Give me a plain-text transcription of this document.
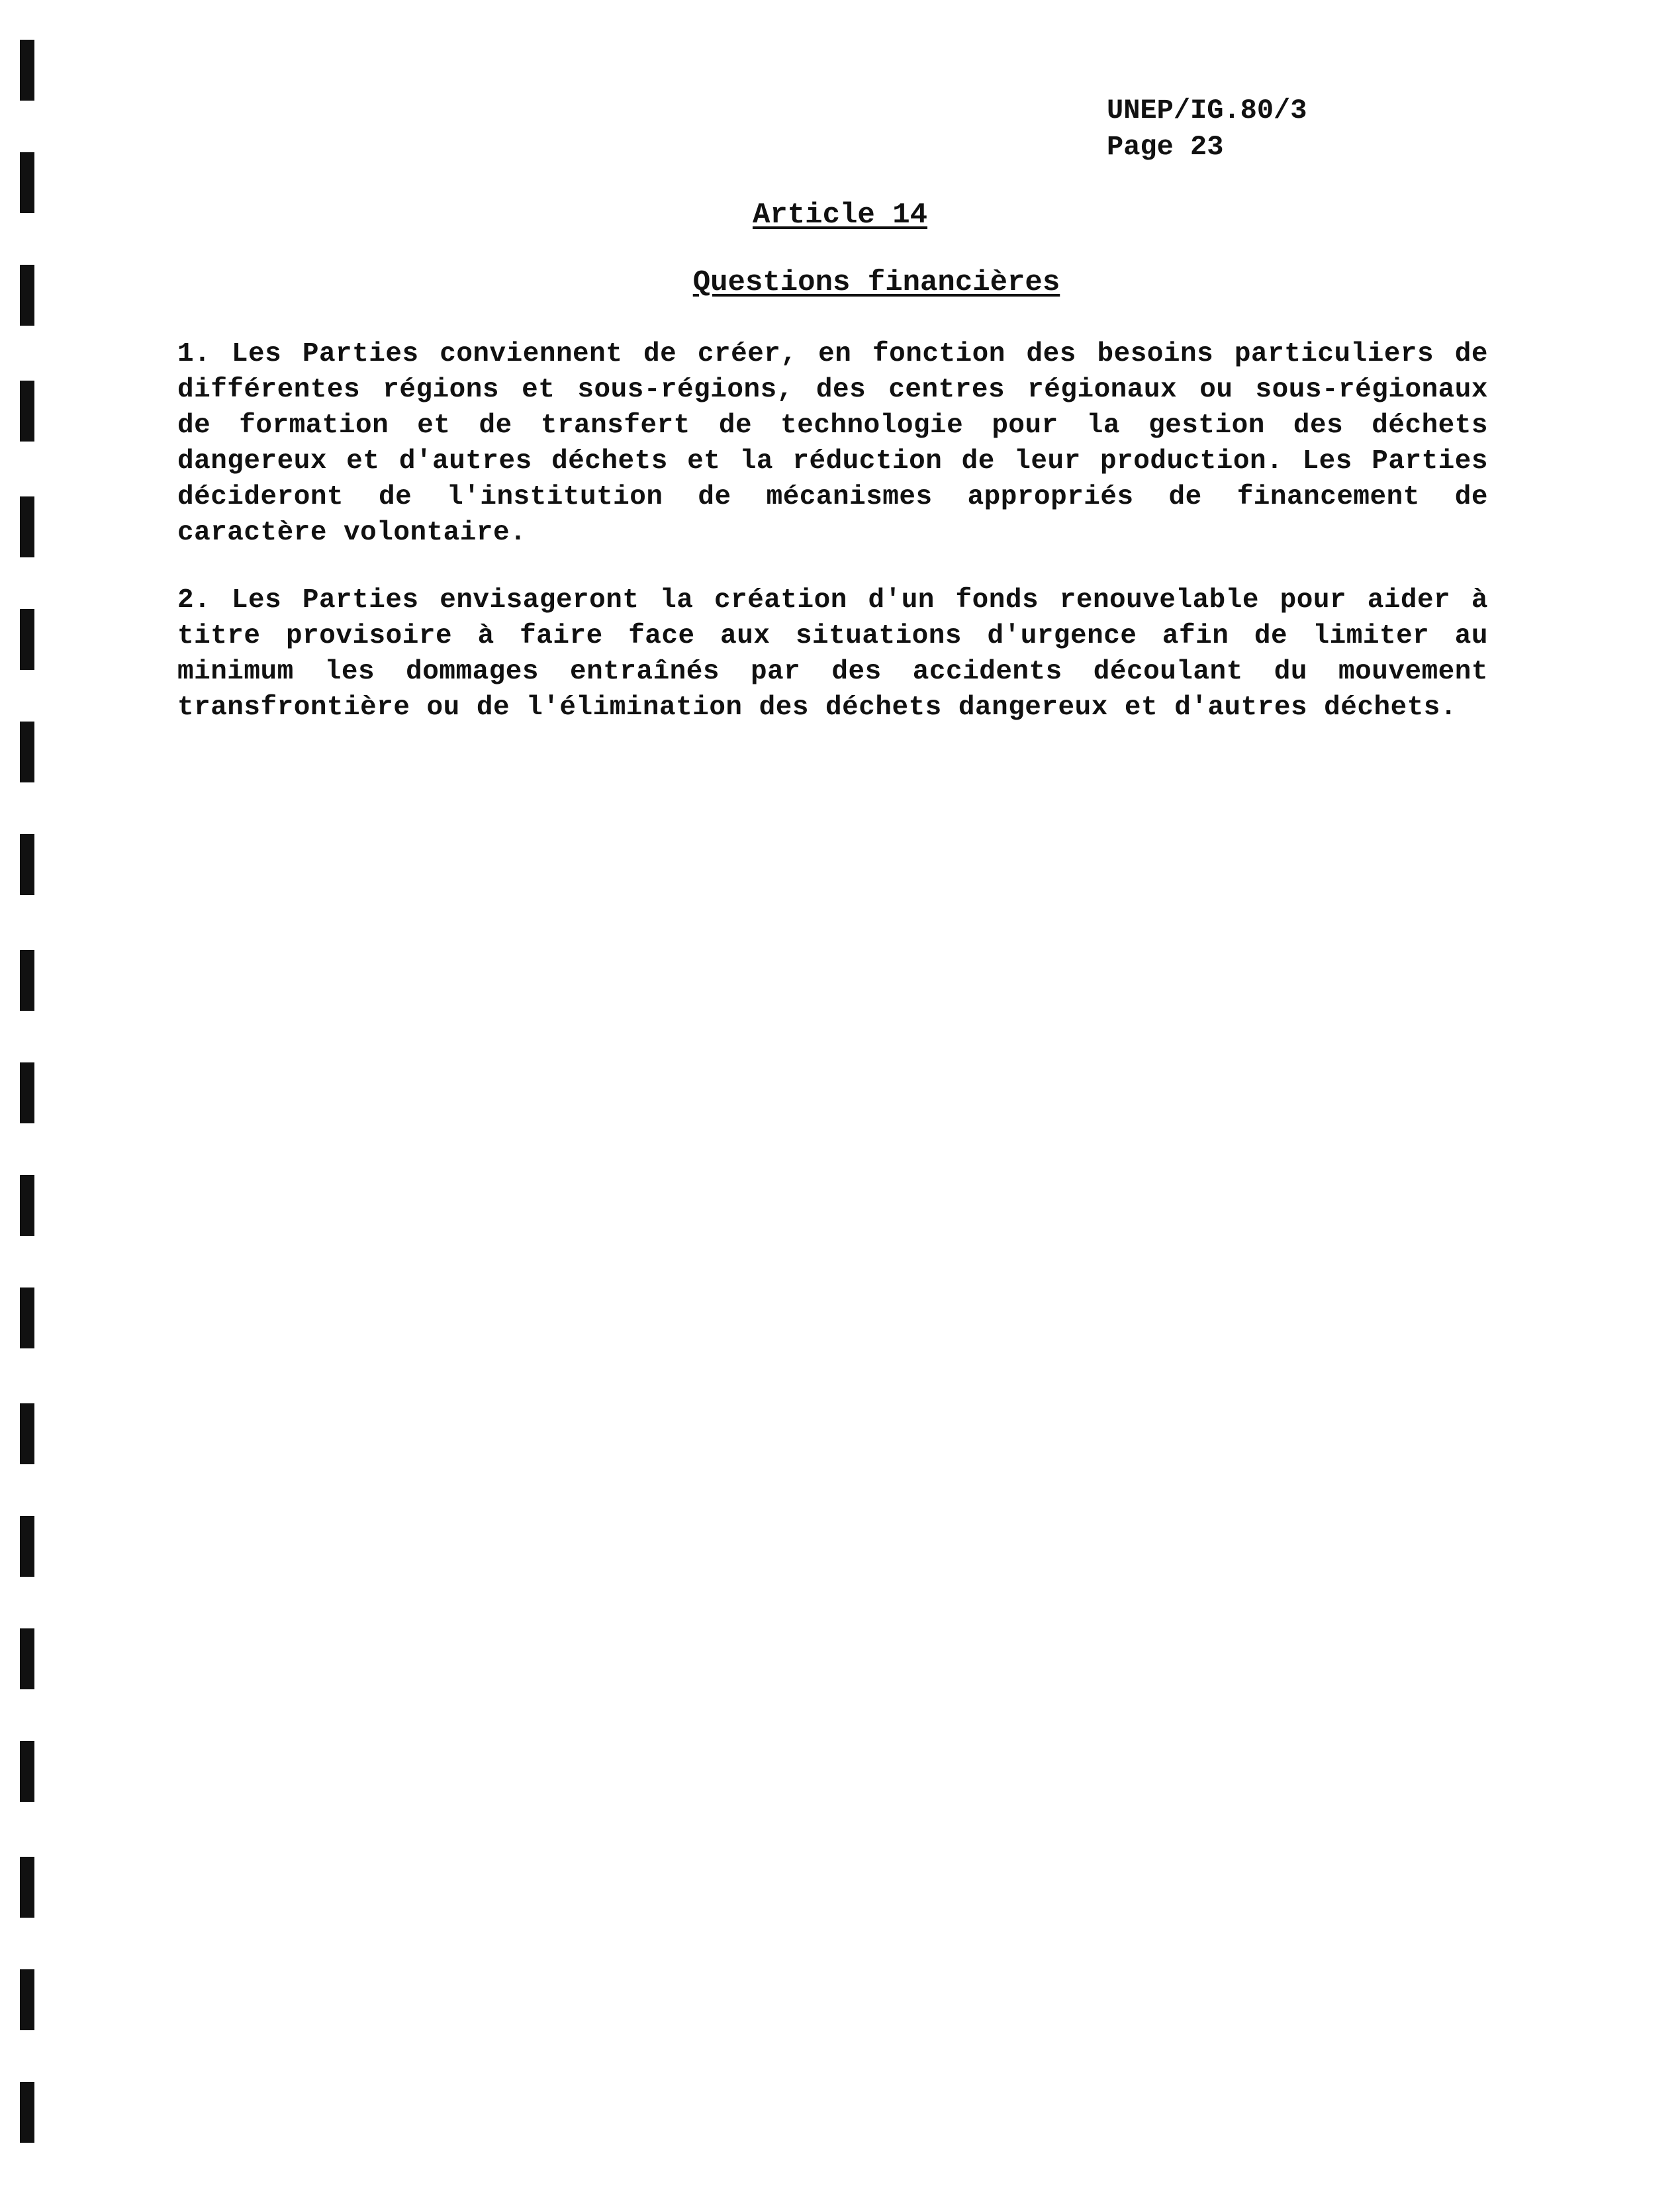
UNEP/IG.80/3
Page 23
Article 14
Questions financières
1. Les Parties conviennent de créer, en fonction des besoins particuliers de différentes régions et sous-régions, des centres régionaux ou sous-régionaux de formation et de transfert de technologie pour la gestion des déchets dangereux et d'autres déchets et la réduction de leur production. Les Parties décideront de l'institution de mécanismes appropriés de financement de caractère volontaire.
2. Les Parties envisageront la création d'un fonds renouvelable pour aider à titre provisoire à faire face aux situations d'urgence afin de limiter au minimum les dommages entraînés par des accidents découlant du mouvement transfrontière ou de l'élimination des déchets dangereux et d'autres déchets.
